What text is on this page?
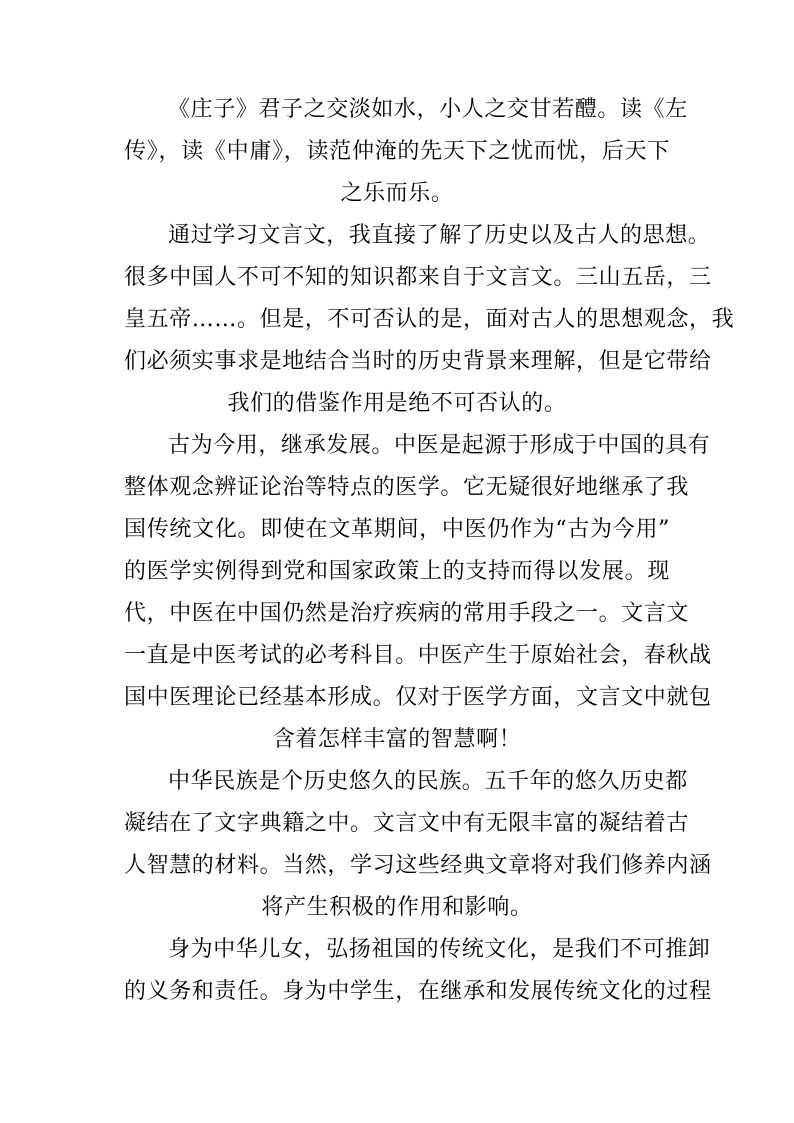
《庄子》君子之交淡如水，小人之交甘若醴。读《左
传》，读《中庸》，读范仲淹的先天下之忧而忧，后天下
之乐而乐。
通过学习文言文，我直接了解了历史以及古人的思想。
很多中国人不可不知的知识都来自于文言文。三山五岳，三
皇五帝……。但是，不可否认的是，面对古人的思想观念，我
们必须实事求是地结合当时的历史背景来理解，但是它带给
我们的借鉴作用是绝不可否认的。
古为今用，继承发展。中医是起源于形成于中国的具有
整体观念辨证论治等特点的医学。它无疑很好地继承了我
国传统文化。即使在文革期间，中医仍作为“古为今用”
的医学实例得到党和国家政策上的支持而得以发展。现
代，中医在中国仍然是治疗疾病的常用手段之一。文言文
一直是中医考试的必考科目。中医产生于原始社会，春秋战
国中医理论已经基本形成。仅对于医学方面，文言文中就包
含着怎样丰富的智慧啊！
中华民族是个历史悠久的民族。五千年的悠久历史都
凝结在了文字典籍之中。文言文中有无限丰富的凝结着古
人智慧的材料。当然，学习这些经典文章将对我们修养内涵
将产生积极的作用和影响。
身为中华儿女，弘扬祖国的传统文化，是我们不可推卸
的义务和责任。身为中学生，在继承和发展传统文化的过程
